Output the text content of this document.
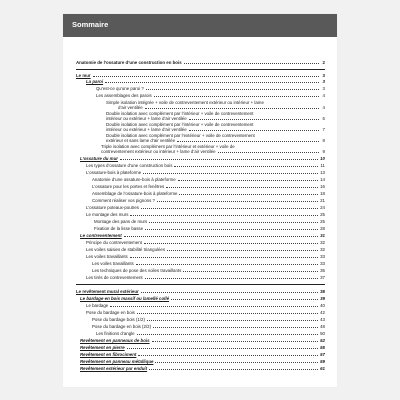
Sommaire
Anatomie de l’ossature d’une construction en bois	2
Le mur	3
La paroi	3
Qu’est-ce qu’une paroi ?	3
Les assemblages des parois	4
Simple isolation intégrée + voile de contreventement extérieur ou intérieur + lame
d’air ventilée	4
Double isolation avec complément par l’intérieur + voile de contreventement
intérieur ou extérieur + lame d’air ventilée	6
Double isolation avec complément par l’intérieur + voile de contreventement
intérieur ou extérieur + lame d’air ventilée	7
Double isolation avec complément par l’extérieur + voile de contreventement
extérieur et sans lame d’air ventilée	8
Triple isolation avec complément par l’intérieur et extérieur + voile de
contreventement extérieur ou intérieur + lame d’air ventilée	9
L’ossature du mur	10
Les types d’ossature d’une construction bois	11
L’ossature-bois à plateforme	13
Anatomie d’une ossature-bois à plateforme	14
L’ossature pour les portes et fenêtres	16
Assemblage de l’ossature-bois à plateforme	18
Comment réaliser vos pignons ?	21
L’ossature poteaux-poutres	24
Le montage des murs	25
Montage des pans de murs	25
Fixation de la lisse basse	28
Le contreventement	31
Principe du contreventement	32
Les voiles saisies de stabilité triangulées	32
Les voiles travaillants	33
Les voiles travaillants	33
Les techniques de pose des voiles travaillants	35
Les tirés de contreventement	37
Le revêtement mural extérieur	38
Le bardage en bois massif ou lamellé collé	39
Le bardage	40
Pose du bardage en bois	42
Pose du bardage bois (1/2)	43
Pose du bardage en bois (2/2)	48
Les finitions d’angle	50
Revêtement en panneaux de bois	52
Revêtement en pierre	55
Revêtement en fibrociment	57
Revêtement en panneau métallique	59
Revêtement extérieur par enduit	61
